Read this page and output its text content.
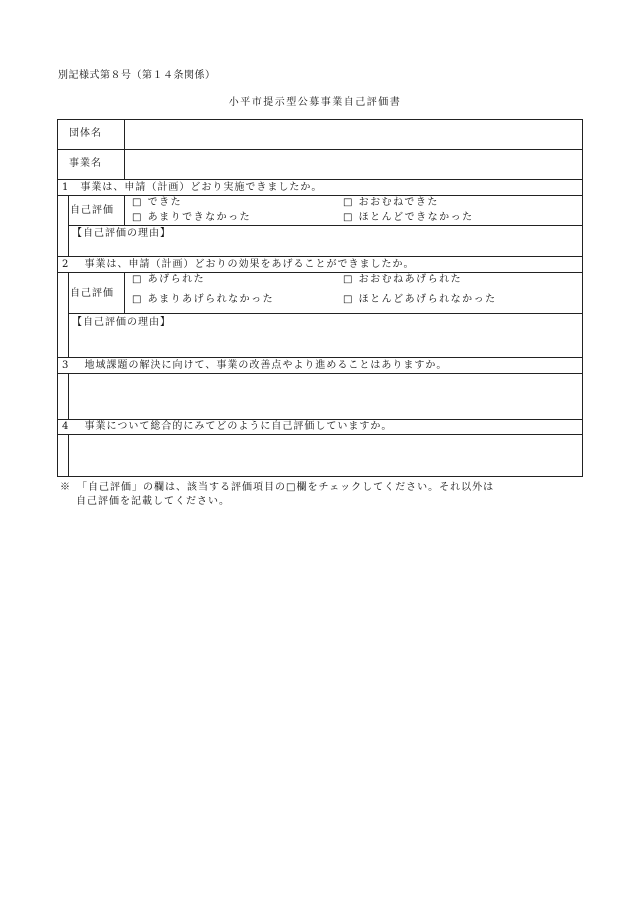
別記様式第８号（第１４条関係）
小平市提示型公募事業自己評価書
団体名
事業名
1　事業は、申請（計画）どおり実施できましたか。
自己評価
□ できた	□ おおむねできた
□ あまりできなかった	□ ほとんどできなかった
【自己評価の理由】
2　 事業は、申請（計画）どおりの効果をあげることができましたか。
自己評価
□ あげられた	□ おおむねあげられた
□ あまりあげられなかった	□ ほとんどあげられなかった
【自己評価の理由】
3　 地域課題の解決に向けて、事業の改善点やより進めることはありますか。
4　 事業について総合的にみてどのように自己評価していますか。
※　「自己評価」の欄は、該当する評価項目の□欄をチェックしてください。それ以外は
自己評価を記載してください。
